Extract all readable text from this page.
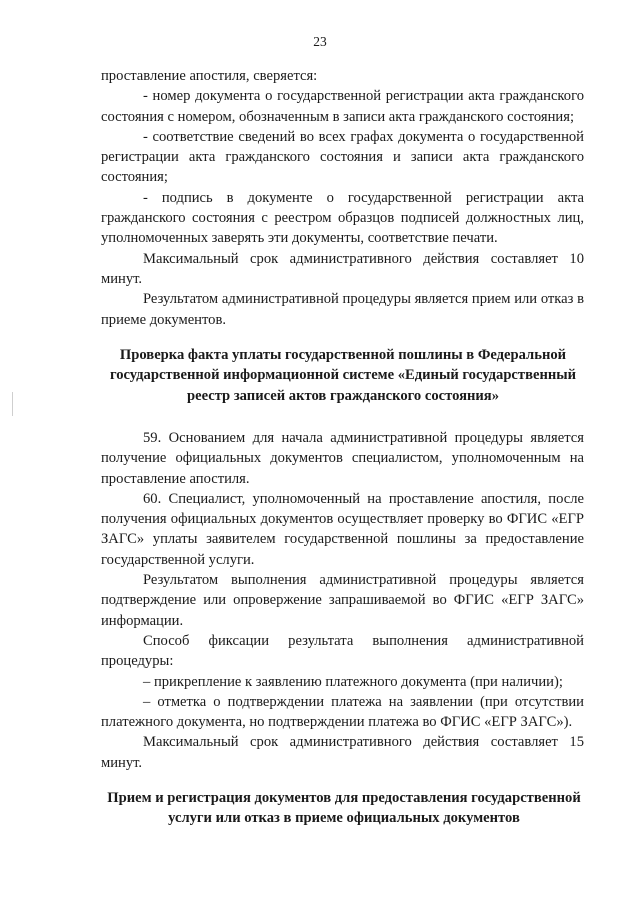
23

проставление апостиля, сверяется:

- номер документа о государственной регистрации акта гражданского состояния с номером, обозначенным в записи акта гражданского состояния;

- соответствие сведений во всех графах документа о государственной регистрации акта гражданского состояния и записи акта гражданского состояния;

- подпись в документе о государственной регистрации акта гражданского состояния с реестром образцов подписей должностных лиц, уполномоченных заверять эти документы, соответствие печати.

Максимальный срок административного действия составляет 10 минут.

Результатом административной процедуры является прием или отказ в приеме документов.

Проверка факта уплаты государственной пошлины в Федеральной государственной информационной системе «Единый государственный реестр записей актов гражданского состояния»

59. Основанием для начала административной процедуры является получение официальных документов специалистом, уполномоченным на проставление апостиля.

60. Специалист, уполномоченный на проставление апостиля, после получения официальных документов осуществляет проверку во ФГИС «ЕГР ЗАГС» уплаты заявителем государственной пошлины за предоставление государственной услуги.

Результатом выполнения административной процедуры является подтверждение или опровержение запрашиваемой во ФГИС «ЕГР ЗАГС» информации.

Способ фиксации результата выполнения административной процедуры:

– прикрепление к заявлению платежного документа (при наличии);

– отметка о подтверждении платежа на заявлении (при отсутствии платежного документа, но подтверждении платежа во ФГИС «ЕГР ЗАГС»).

Максимальный срок административного действия составляет 15 минут.

Прием и регистрация документов для предоставления государственной услуги или отказ в приеме официальных документов
